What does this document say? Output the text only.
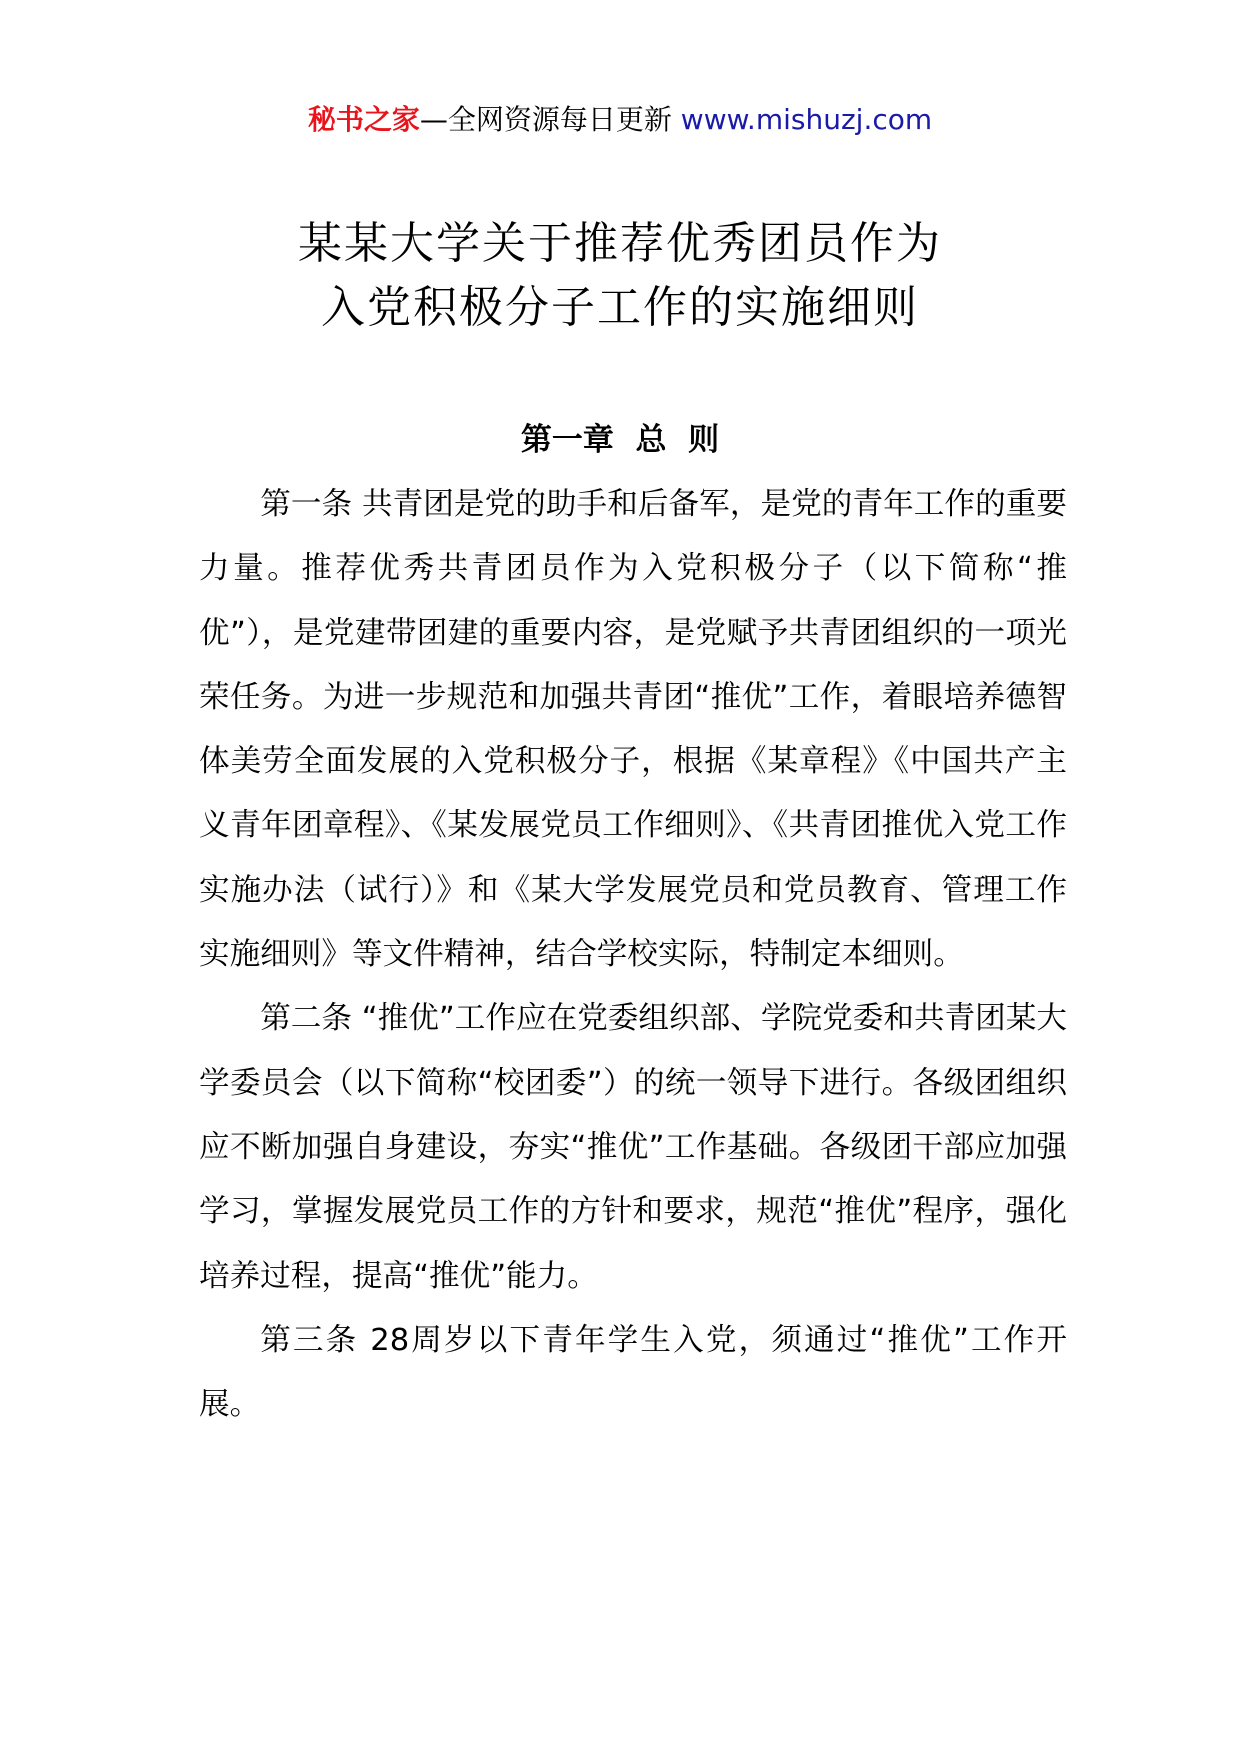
秘书之家—全网资源每日更新 www.mishuzj.com
某某大学关于推荐优秀团员作为
入党积极分子工作的实施细则
第一章  总  则

第一条 共青团是党的助手和后备军，是党的青年工作的重要力量。推荐优秀共青团员作为入党积极分子（以下简称“推优”），是党建带团建的重要内容，是党赋予共青团组织的一项光荣任务。为进一步规范和加强共青团“推优”工作，着眼培养德智体美劳全面发展的入党积极分子，根据《某章程》《中国共产主义青年团章程》、《某发展党员工作细则》、《共青团推优入党工作实施办法（试行）》和《某大学发展党员和党员教育、管理工作实施细则》等文件精神，结合学校实际，特制定本细则。

第二条 “推优”工作应在党委组织部、学院党委和共青团某大学委员会（以下简称“校团委”）的统一领导下进行。各级团组织应不断加强自身建设，夯实“推优”工作基础。各级团干部应加强学习，掌握发展党员工作的方针和要求，规范“推优”程序，强化培养过程，提高“推优”能力。

第三条 28周岁以下青年学生入党，须通过“推优”工作开展。
